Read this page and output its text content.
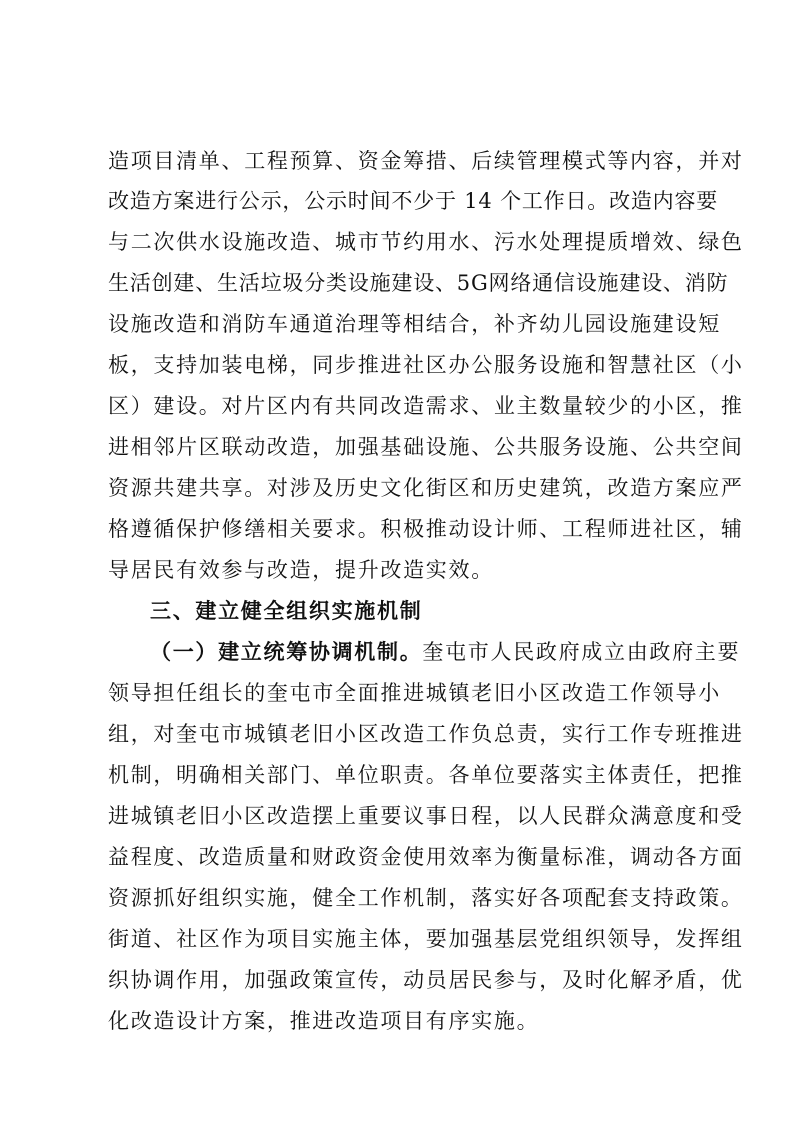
造项目清单、工程预算、资金筹措、后续管理模式等内容，并对
改造方案进行公示，公示时间不少于 14 个工作日。改造内容要
与二次供水设施改造、城市节约用水、污水处理提质增效、绿色
生活创建、生活垃圾分类设施建设、5G网络通信设施建设、消防
设施改造和消防车通道治理等相结合，补齐幼儿园设施建设短
板，支持加装电梯，同步推进社区办公服务设施和智慧社区（小
区）建设。对片区内有共同改造需求、业主数量较少的小区，推
进相邻片区联动改造，加强基础设施、公共服务设施、公共空间
资源共建共享。对涉及历史文化街区和历史建筑，改造方案应严
格遵循保护修缮相关要求。积极推动设计师、工程师进社区，辅
导居民有效参与改造，提升改造实效。
三、建立健全组织实施机制
（一）建立统筹协调机制。奎屯市人民政府成立由政府主要
领导担任组长的奎屯市全面推进城镇老旧小区改造工作领导小
组，对奎屯市城镇老旧小区改造工作负总责，实行工作专班推进
机制，明确相关部门、单位职责。各单位要落实主体责任，把推
进城镇老旧小区改造摆上重要议事日程，以人民群众满意度和受
益程度、改造质量和财政资金使用效率为衡量标准，调动各方面
资源抓好组织实施，健全工作机制，落实好各项配套支持政策。
街道、社区作为项目实施主体，要加强基层党组织领导，发挥组
织协调作用，加强政策宣传，动员居民参与，及时化解矛盾，优
化改造设计方案，推进改造项目有序实施。
